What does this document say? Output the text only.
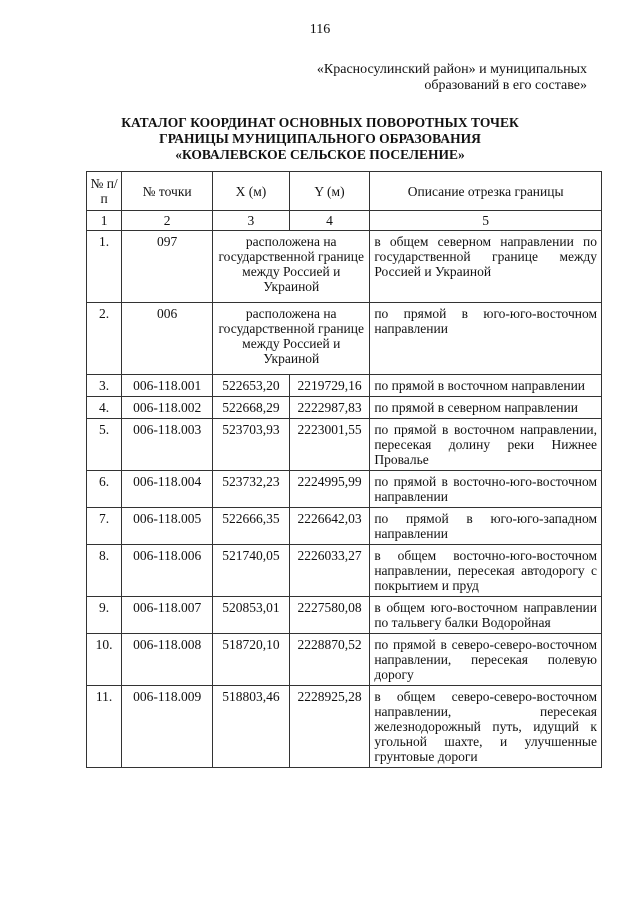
116
«Красносулинский район» и муниципальных
образований в его составе»
КАТАЛОГ КООРДИНАТ ОСНОВНЫХ ПОВОРОТНЫХ ТОЧЕК
ГРАНИЦЫ МУНИЦИПАЛЬНОГО ОБРАЗОВАНИЯ
«КОВАЛЕВСКОЕ СЕЛЬСКОЕ ПОСЕЛЕНИЕ»
№ п/п	№ точки	X (м)	Y (м)	Описание отрезка границы
1	2	3	4	5
1.	097	расположена на государственной границе между Россией и Украиной		в общем северном направлении по государственной границе между Россией и Украиной
2.	006	расположена на государственной границе между Россией и Украиной		по прямой в юго-юго-восточном направлении
3.	006-118.001	522653,20	2219729,16	по прямой в восточном направлении
4.	006-118.002	522668,29	2222987,83	по прямой в северном направлении
5.	006-118.003	523703,93	2223001,55	по прямой в восточном направлении, пересекая долину реки Нижнее Провалье
6.	006-118.004	523732,23	2224995,99	по прямой в восточно-юго-восточном направлении
7.	006-118.005	522666,35	2226642,03	по прямой в юго-юго-западном направлении
8.	006-118.006	521740,05	2226033,27	в общем восточно-юго-восточном направлении, пересекая автодорогу с покрытием и пруд
9.	006-118.007	520853,01	2227580,08	в общем юго-восточном направлении по тальвегу балки Водоройная
10.	006-118.008	518720,10	2228870,52	по прямой в северо-северо-восточном направлении, пересекая полевую дорогу
11.	006-118.009	518803,46	2228925,28	в общем северо-северо-восточном направлении, пересекая железнодорожный путь, идущий к угольной шахте, и улучшенные грунтовые дороги
